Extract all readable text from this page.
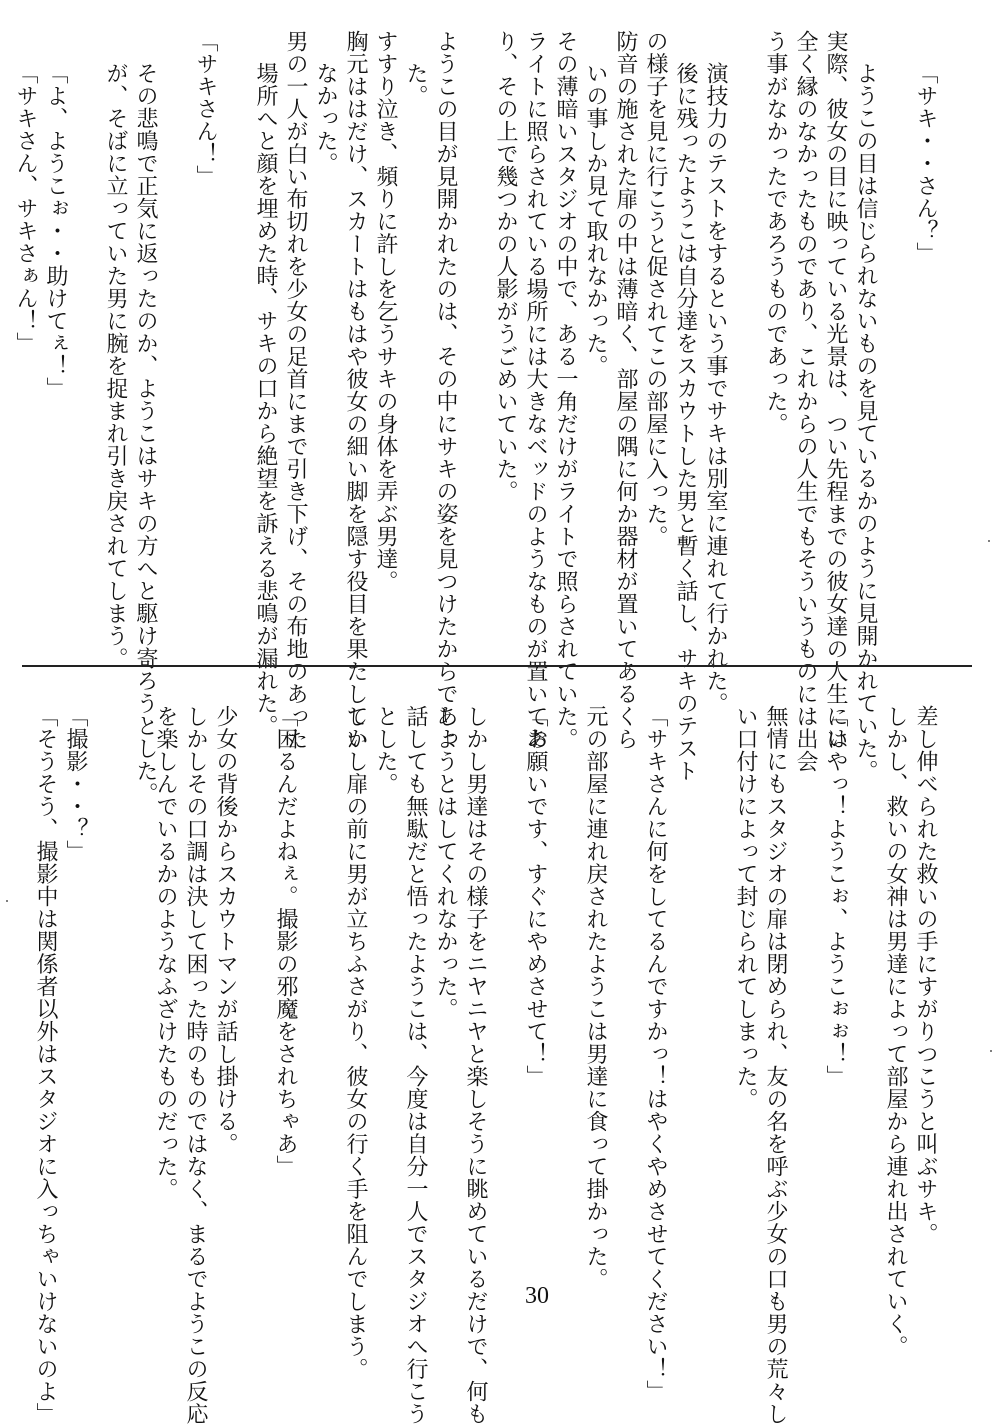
「サキ・・さん？」
ようこの目は信じられないものを見ているかのように見開かれていた。
実際、彼女の目に映っている光景は、つい先程までの彼女達の人生には
全く縁のなかったものであり、これからの人生でもそういうものには出会
う事がなかったであろうものであった。
演技力のテストをするという事でサキは別室に連れて行かれた。
後に残ったようこは自分達をスカウトした男と暫く話し、サキのテスト
の様子を見に行こうと促されてこの部屋に入った。
防音の施された扉の中は薄暗く、部屋の隅に何か器材が置いてあるくら
いの事しか見て取れなかった。
その薄暗いスタジオの中で、ある一角だけがライトで照らされていた。
ライトに照らされている場所には大きなベッドのようなものが置いてあ
り、その上で幾つかの人影がうごめいていた。
ようこの目が見開かれたのは、その中にサキの姿を見つけたからであっ
た。
すすり泣き、頻りに許しを乞うサキの身体を弄ぶ男達。
胸元ははだけ、スカートはもはや彼女の細い脚を隠す役目を果たしてい
なかった。
男の一人が白い布切れを少女の足首にまで引き下げ、その布地のあった
場所へと顔を埋めた時、サキの口から絶望を訴える悲鳴が漏れた。
「サキさん！」
その悲鳴で正気に返ったのか、ようこはサキの方へと駆け寄ろうとした。
が、そばに立っていた男に腕を捉まれ引き戻されてしまう。
「よ、ようこぉ・・助けてぇ！」
「サキさん、サキさぁん！」
差し伸べられた救いの手にすがりつこうと叫ぶサキ。
しかし、救いの女神は男達によって部屋から連れ出されていく。
「いやっ！ようこぉ、ようこぉぉ！」
無情にもスタジオの扉は閉められ、友の名を呼ぶ少女の口も男の荒々し
い口付けによって封じられてしまった。
「サキさんに何をしてるんですかっ！はやくやめさせてください！」
元の部屋に連れ戻されたようこは男達に食って掛かった。
「お願いです、すぐにやめさせて！」
しかし男達はその様子をニヤニヤと楽しそうに眺めているだけで、何も
しようとはしてくれなかった。
話しても無駄だと悟ったようこは、今度は自分一人でスタジオへ行こう
とした。
しかし扉の前に男が立ちふさがり、彼女の行く手を阻んでしまう。
「困るんだよねぇ。撮影の邪魔をされちゃあ」
少女の背後からスカウトマンが話し掛ける。
しかしその口調は決して困った時のものではなく、まるでようこの反応
を楽しんでいるかのようなふざけたものだった。
「撮影・・？」
「そうそう、撮影中は関係者以外はスタジオに入っちゃいけないのよ」	30
